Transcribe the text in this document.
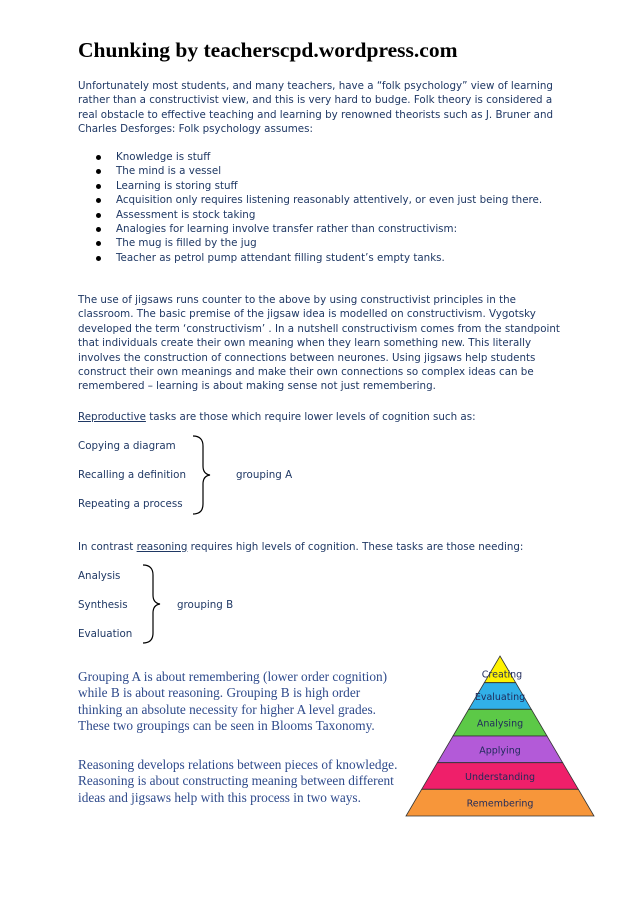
Chunking by teacherscpd.wordpress.com

Unfortunately most students, and many teachers, have a “folk psychology” view of learning rather than a constructivist view, and this is very hard to budge. Folk theory is considered a real obstacle to effective teaching and learning by renowned theorists such as J. Bruner and Charles Desforges: Folk psychology assumes:

Knowledge is stuff
The mind is a vessel
Learning is storing stuff
Acquisition only requires listening reasonably attentively, or even just being there.
Assessment is stock taking
Analogies for learning involve transfer rather than constructivism:
The mug is filled by the jug
Teacher as petrol pump attendant filling student’s empty tanks.

The use of jigsaws runs counter to the above by using constructivist principles in the classroom. The basic premise of the jigsaw idea is modelled on constructivism. Vygotsky developed the term ‘constructivism’ . In a nutshell constructivism comes from the standpoint that individuals create their own meaning when they learn something new. This literally involves the construction of connections between neurones. Using jigsaws help students construct their own meanings and make their own connections so complex ideas can be remembered – learning is about making sense not just remembering.

Reproductive tasks are those which require lower levels of cognition such as:
Copying a diagram
Recalling a definition
Repeating a process
grouping A
In contrast reasoning requires high levels of cognition. These tasks are those needing:
Analysis
Synthesis
Evaluation
grouping B

Grouping A is about remembering (lower order cognition) while B is about reasoning. Grouping B is high order thinking an absolute necessity for higher A level grades. These two groupings can be seen in Blooms Taxonomy.

Reasoning develops relations between pieces of knowledge. Reasoning is about constructing meaning between different ideas and jigsaws help with this process in two ways.

Creating
Evaluating
Analysing
Applying
Understanding
Remembering
